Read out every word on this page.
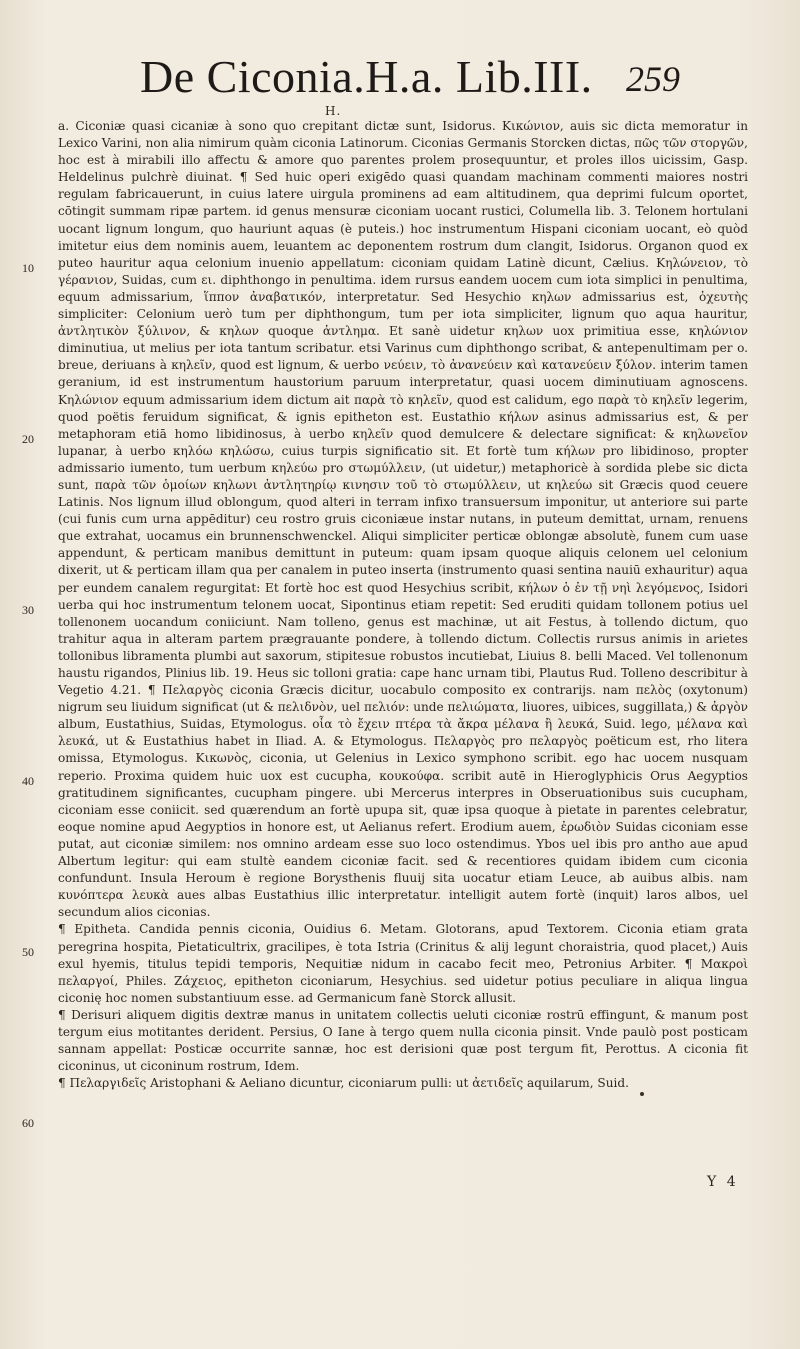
De Ciconia.H.a. Lib.III. 259
H.
10
20
30
40
50
60

a. Ciconiæ quasi cicaniæ à sono quo crepitant dictæ sunt, Isidorus. Κικώνιον, auis sic dicta memoratur in Lexico Varini, non alia nimirum quàm ciconia Latinorum. Ciconias Germanis Storcken dictas, πῶς τῶν στοργῶν, hoc est à mirabili illo affectu & amore quo parentes prolem prosequuntur, et proles illos uicissim, Gasp. Heldelinus pulchrè diuinat. ¶ Sed huic operi exigēdo quasi quandam machinam commenti maiores nostri regulam fabricauerunt, in cuius latere uirgula prominens ad eam altitudinem, qua deprimi fulcum oportet, cōtingit summam ripæ partem. id genus mensuræ ciconiam uocant rustici, Columella lib. 3. Telonem hortulani uocant lignum longum, quo hauriunt aquas (è puteis.) hoc instrumentum Hispani ciconiam uocant, eò quòd imitetur eius dem nominis auem, leuantem ac deponentem rostrum dum clangit, Isidorus. Organon quod ex puteo hauritur aqua celonium inuenio appellatum: ciconiam quidam Latinè dicunt, Cælius. Κηλώνειον, τὸ γέρανιον, Suidas, cum ει. diphthongo in penultima. idem rursus eandem uocem cum iota simplici in penultima, equum admissarium, ἵππον ἀναβατικόν, interpretatur. Sed Hesychio κηλων admissarius est, ὀχευτὴς simpliciter: Celonium uerò tum per diphthongum, tum per iota simpliciter, lignum quo aqua hauritur, ἀντλητικὸν ξύλινον, & κηλων quoque ἀντλημα. Et sanè uidetur κηλων uox primitiua esse, κηλώνιον diminutiua, ut melius per iota tantum scribatur. etsi Varinus cum diphthongo scribat, & antepenultimam per o. breue, deriuans à κηλεῖν, quod est lignum, & uerbo νεύειν, τὸ ἀνανεύειν καὶ κατανεύειν ξύλον. interim tamen geranium, id est instrumentum haustorium paruum interpretatur, quasi uocem diminutiuam agnoscens. Κηλώνιον equum admissarium idem dictum ait παρὰ τὸ κηλεῖν, quod est calidum, ego παρὰ τὸ κηλεῖν legerim, quod poëtis feruidum significat, & ignis epitheton est. Eustathio κήλων asinus admissarius est, & per metaphoram etiā homo libidinosus, à uerbo κηλεῖν quod demulcere & delectare significat: & κηλωνεῖον lupanar, à uerbo κηλόω κηλώσω, cuius turpis significatio sit. Et fortè tum κήλων pro libidinoso, propter admissario iumento, tum uerbum κηλεύω pro στωμύλλειν, (ut uidetur,) metaphoricè à sordida plebe sic dicta sunt, παρὰ τῶν ὁμοίων κηλωνι ἀντλητηρίῳ κινησιν τοῦ τὸ στωμύλλειν, ut κηλεύω sit Græcis quod ceuere Latinis. Nos lignum illud oblongum, quod alteri in terram infixo transuersum imponitur, ut anteriore sui parte (cui funis cum urna appēditur) ceu rostro gruis ciconiæue instar nutans, in puteum demittat, urnam, renuens que extrahat, uocamus ein brunnenschwenckel. Aliqui simpliciter perticæ oblongæ absolutè, funem cum uase appendunt, & perticam manibus demittunt in puteum: quam ipsam quoque aliquis celonem uel celonium dixerit, ut & perticam illam qua per canalem in puteo inserta (instrumento quasi sentina nauiū exhauritur) aqua per eundem canalem regurgitat: Et fortè hoc est quod Hesychius scribit, κήλων ὁ ἐν τῇ νηὶ λεγόμενος, Isidori uerba qui hoc instrumentum telonem uocat, Sipontinus etiam repetit: Sed eruditi quidam tollonem potius uel tollenonem uocandum coniiciunt. Nam tolleno, genus est machinæ, ut ait Festus, à tollendo dictum, quo trahitur aqua in alteram partem prægrauante pondere, à tollendo dictum. Collectis rursus animis in arietes tollonibus libramenta plumbi aut saxorum, stipitesue robustos incutiebat, Liuius 8. belli Maced. Vel tollenonum haustu rigandos, Plinius lib. 19. Heus sic tolloni gratia: cape hanc urnam tibi, Plautus Rud. Tolleno describitur à Vegetio 4.21. ¶ Πελαργὸς ciconia Græcis dicitur, uocabulo composito ex contrarijs. nam πελὸς (oxytonum) nigrum seu liuidum significat (ut & πελιδνὸν, uel πελιόν: unde πελιώματα, liuores, uibices, suggillata,) & ἀργὸν album, Eustathius, Suidas, Etymologus. οἷα τὸ ἔχειν πτέρα τὰ ἄκρα μέλανα ἢ λευκά, Suid. lego, μέλανα καὶ λευκά, ut & Eustathius habet in Iliad. A. & Etymologus. Πελαργὸς pro πελαργὸς poëticum est, rho litera omissa, Etymologus. Κικωνὸς, ciconia, ut Gelenius in Lexico symphono scribit. ego hac uocem nusquam reperio. Proxima quidem huic uox est cucupha, κουκούφα. scribit autē in Hieroglyphicis Orus Aegyptios gratitudinem significantes, cucupham pingere. ubi Mercerus interpres in Obseruationibus suis cucupham, ciconiam esse coniicit. sed quærendum an fortè upupa sit, quæ ipsa quoque à pietate in parentes celebratur, eoque nomine apud Aegyptios in honore est, ut Aelianus refert. Erodium auem, ἐρωδιὸν Suidas ciconiam esse putat, aut ciconiæ similem: nos omnino ardeam esse suo loco ostendimus. Ybos uel ibis pro antho aue apud Albertum legitur: qui eam stultè eandem ciconiæ facit. sed & recentiores quidam ibidem cum ciconia confundunt. Insula Heroum è regione Borysthenis fluuij sita uocatur etiam Leuce, ab auibus albis. nam κυνόπτερα λευκὰ aues albas Eustathius illic interpretatur. intelligit autem fortè (inquit) laros albos, uel secundum alios ciconias.

¶ Epitheta. Candida pennis ciconia, Ouidius 6. Metam. Glotorans, apud Textorem. Ciconia etiam grata peregrina hospita, Pietaticultrix, gracilipes, è tota Istria (Crinitus & alij legunt choraistria, quod placet,) Auis exul hyemis, titulus tepidi temporis, Nequitiæ nidum in cacabo fecit meo, Petronius Arbiter. ¶ Μακροὶ πελαργοί, Philes. Ζάχειος, epitheton ciconiarum, Hesychius. sed uidetur potius peculiare in aliqua lingua ciconię hoc nomen substantiuum esse. ad Germanicum fanè Storck allusit.

¶ Derisuri aliquem digitis dextræ manus in unitatem collectis ueluti ciconiæ rostrū effingunt, & manum post tergum eius motitantes derident. Persius, O Iane à tergo quem nulla ciconia pinsit. Vnde paulò post posticam sannam appellat: Posticæ occurrite sannæ, hoc est derisioni quæ post tergum fit, Perottus. A ciconia fit ciconinus, ut ciconinum rostrum, Idem.

¶ Πελαργιδεῖς Aristophani & Aeliano dicuntur, ciconiarum pulli: ut ἀετιδεῖς aquilarum, Suid.

Y 4
